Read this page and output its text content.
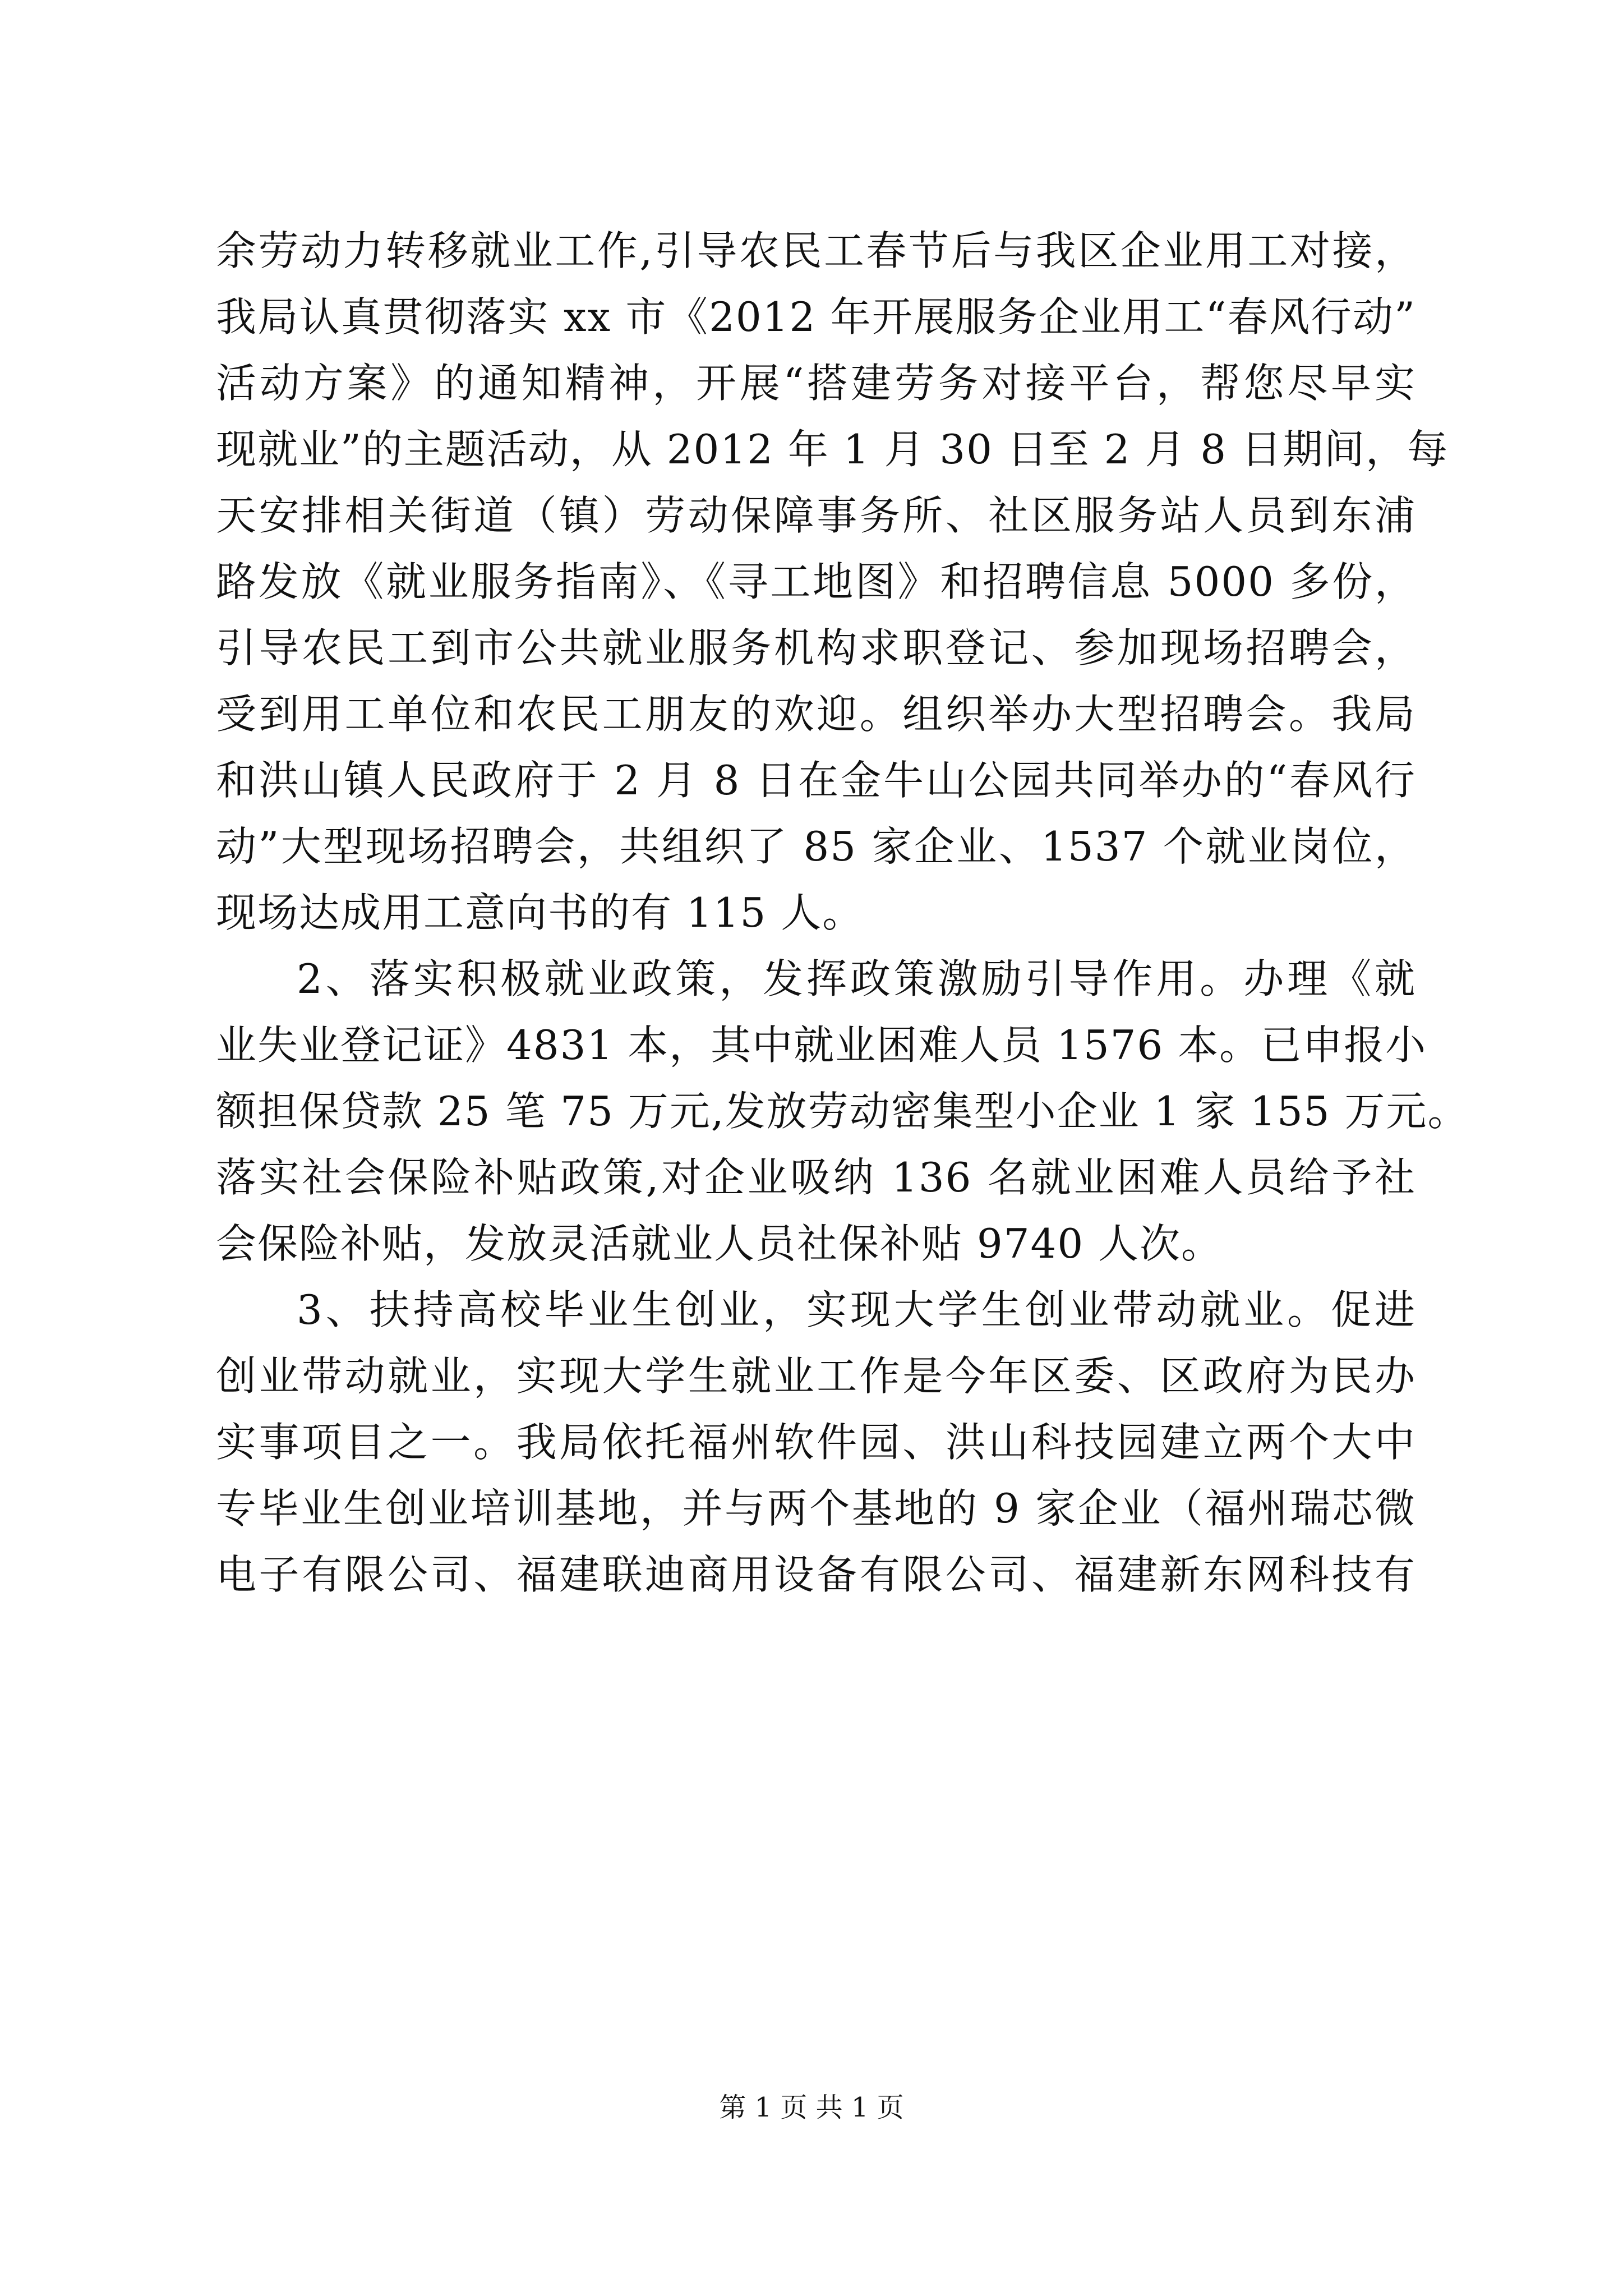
余劳动力转移就业工作,引导农民工春节后与我区企业用工对接，
我局认真贯彻落实 xx 市《2012 年开展服务企业用工“春风行动”
活动方案》的通知精神，开展“搭建劳务对接平台，帮您尽早实
现就业”的主题活动，从 2012 年 1 月 30 日至 2 月 8 日期间，每
天安排相关街道（镇）劳动保障事务所、社区服务站人员到东浦
路发放《就业服务指南》、《寻工地图》和招聘信息 5000 多份，
引导农民工到市公共就业服务机构求职登记、参加现场招聘会，
受到用工单位和农民工朋友的欢迎。组织举办大型招聘会。我局
和洪山镇人民政府于 2 月 8 日在金牛山公园共同举办的“春风行
动”大型现场招聘会，共组织了 85 家企业、1537 个就业岗位，
现场达成用工意向书的有 115 人。
2、落实积极就业政策，发挥政策激励引导作用。办理《就
业失业登记证》4831 本，其中就业困难人员 1576 本。已申报小
额担保贷款 25 笔 75 万元,发放劳动密集型小企业 1 家 155 万元。
落实社会保险补贴政策,对企业吸纳 136 名就业困难人员给予社
会保险补贴，发放灵活就业人员社保补贴 9740 人次。
3、扶持高校毕业生创业，实现大学生创业带动就业。促进
创业带动就业，实现大学生就业工作是今年区委、区政府为民办
实事项目之一。我局依托福州软件园、洪山科技园建立两个大中
专毕业生创业培训基地，并与两个基地的 9 家企业（福州瑞芯微
电子有限公司、福建联迪商用设备有限公司、福建新东网科技有
第 1 页 共 1 页
